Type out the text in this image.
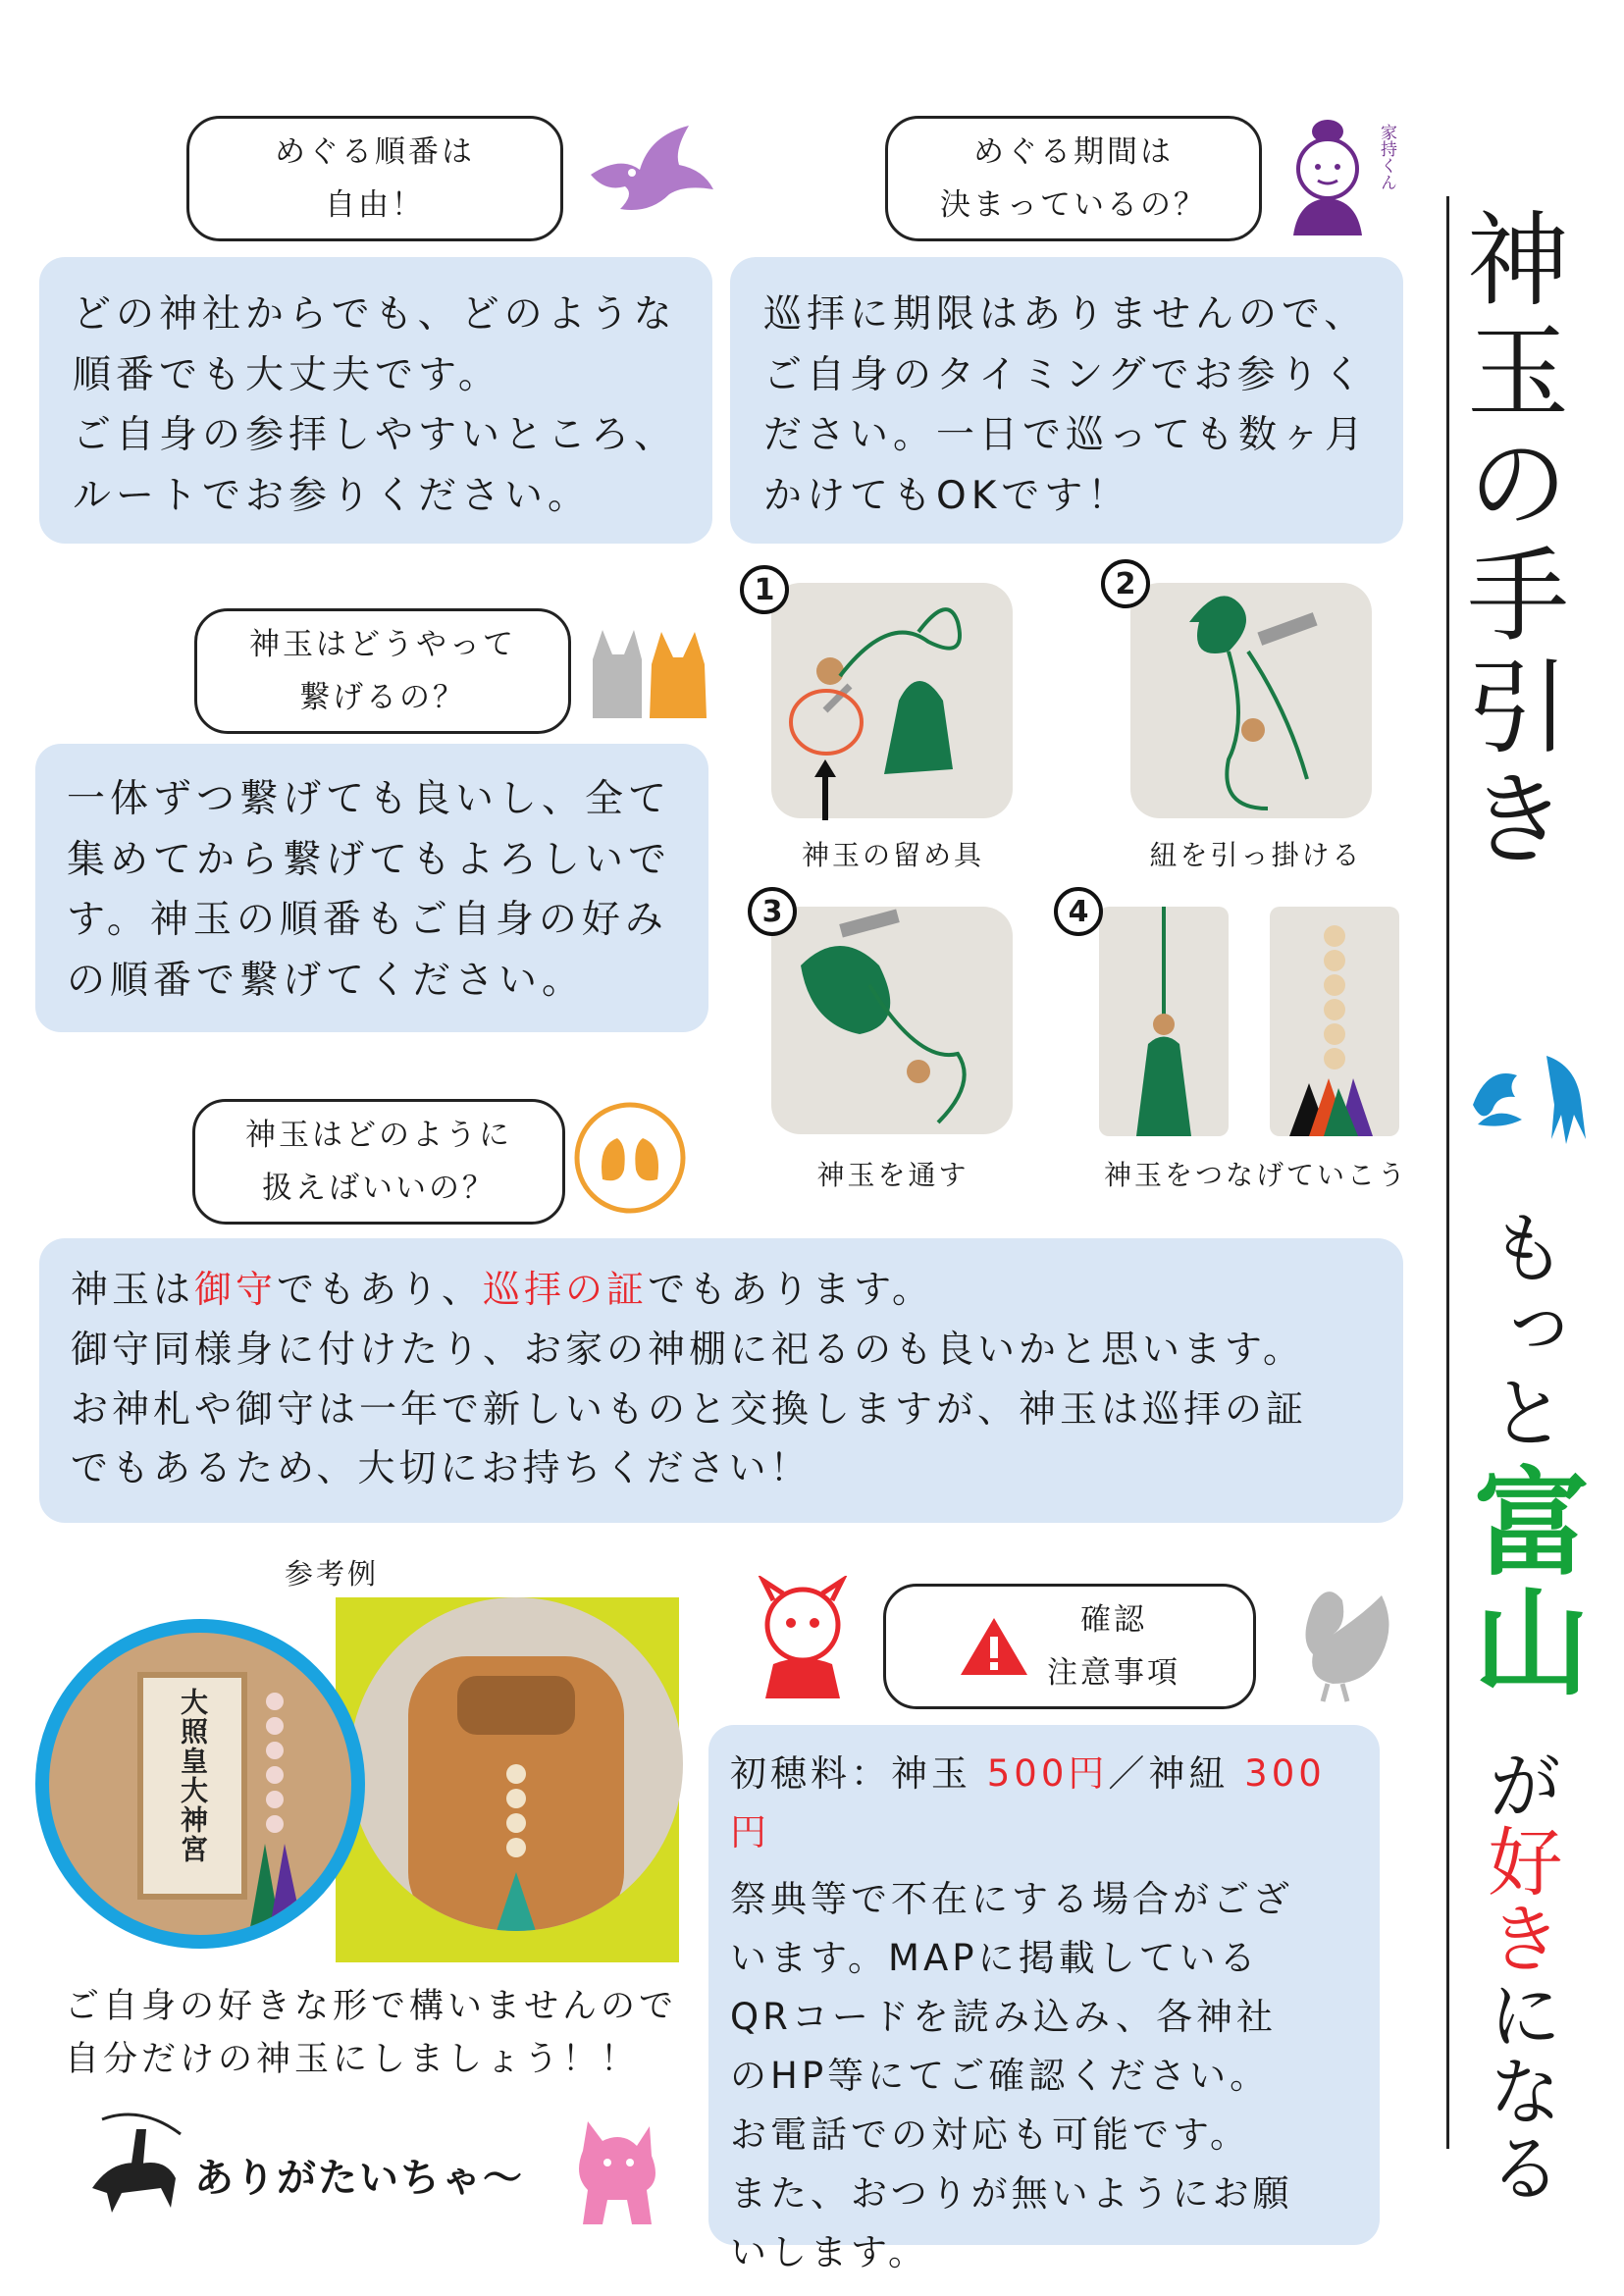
めぐる順番は
自由！

どの神社からでも、どのような

順番でも大丈夫です。

ご自身の参拝しやすいところ、

ルートでお参りください。

めぐる期間は
決まっているの？
家持くん

巡拝に期限はありませんので、

ご自身のタイミングでお参りく

ださい。一日で巡っても数ヶ月

かけてもOKです！

神玉はどうやって
繋げるの？

一体ずつ繋げても良いし、全て

集めてから繋げてもよろしいで

す。神玉の順番もご自身の好み

の順番で繋げてください。

1
神玉の留め具
2
紐を引っ掛ける
3
神玉を通す
4
神玉をつなげていこう
神玉はどのように
扱えばいいの？

神玉は御守でもあり、巡拝の証でもあります。

御守同様身に付けたり、お家の神棚に祀るのも良いかと思います。

お神札や御守は一年で新しいものと交換しますが、神玉は巡拝の証

でもあるため、大切にお持ちください！

参考例
大照皇大神宮
ご自身の好きな形で構いませんので
自分だけの神玉にしましょう！！
ありがたいちゃ～
確認
注意事項

初穂料：神玉 500円／神紐 300円

祭典等で不在にする場合がござ

います。MAPに掲載している

QRコードを読み込み、各神社

のHP等にてご確認ください。

お電話での対応も可能です。

また、おつりが無いようにお願

いします。

神玉の手引き
もっと
富山
が好きになる
